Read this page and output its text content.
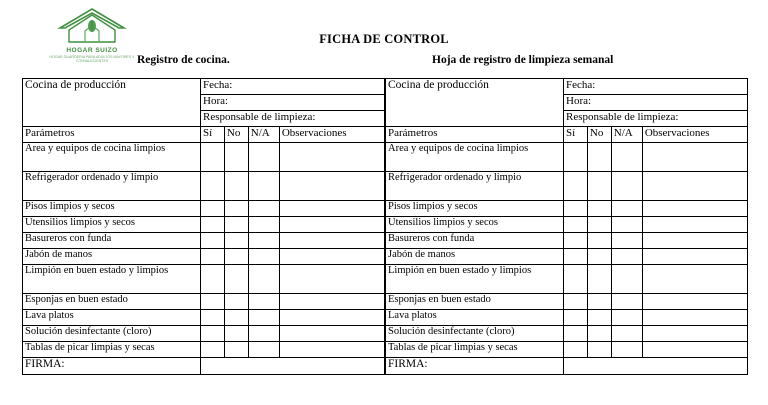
HOGAR SUIZO
HOGAR GUARDERIA PARA ADULTOS MAYORES Y CONVALECIENTES
FICHA DE CONTROL
Registro de cocina.	Hoja de registro de limpieza semanal
Cocina de producción	Fecha:			
	Hora:			
	Responsable de limpieza:			
Parámetros	Sí	No	N/A	Observaciones
Area y equipos de cocina limpios				
Refrigerador ordenado y limpio				
Pisos limpios y secos				
Utensilios limpios y secos				
Basureros con funda				
Jabón de manos				
Limpión en buen estado y limpios				
Esponjas en buen estado				
Lava platos				
Solución desinfectante (cloro)				
Tablas de picar limpias y secas				
FIRMA:				
Cocina de producción	Fecha:			
	Hora:			
	Responsable de limpieza:			
Parámetros	Sí	No	N/A	Observaciones
Area y equipos de cocina limpios				
Refrigerador ordenado y limpio				
Pisos limpios y secos				
Utensilios limpios y secos				
Basureros con funda				
Jabón de manos				
Limpión en buen estado y limpios				
Esponjas en buen estado				
Lava platos				
Solución desinfectante (cloro)				
Tablas de picar limpias y secas				
FIRMA:				
